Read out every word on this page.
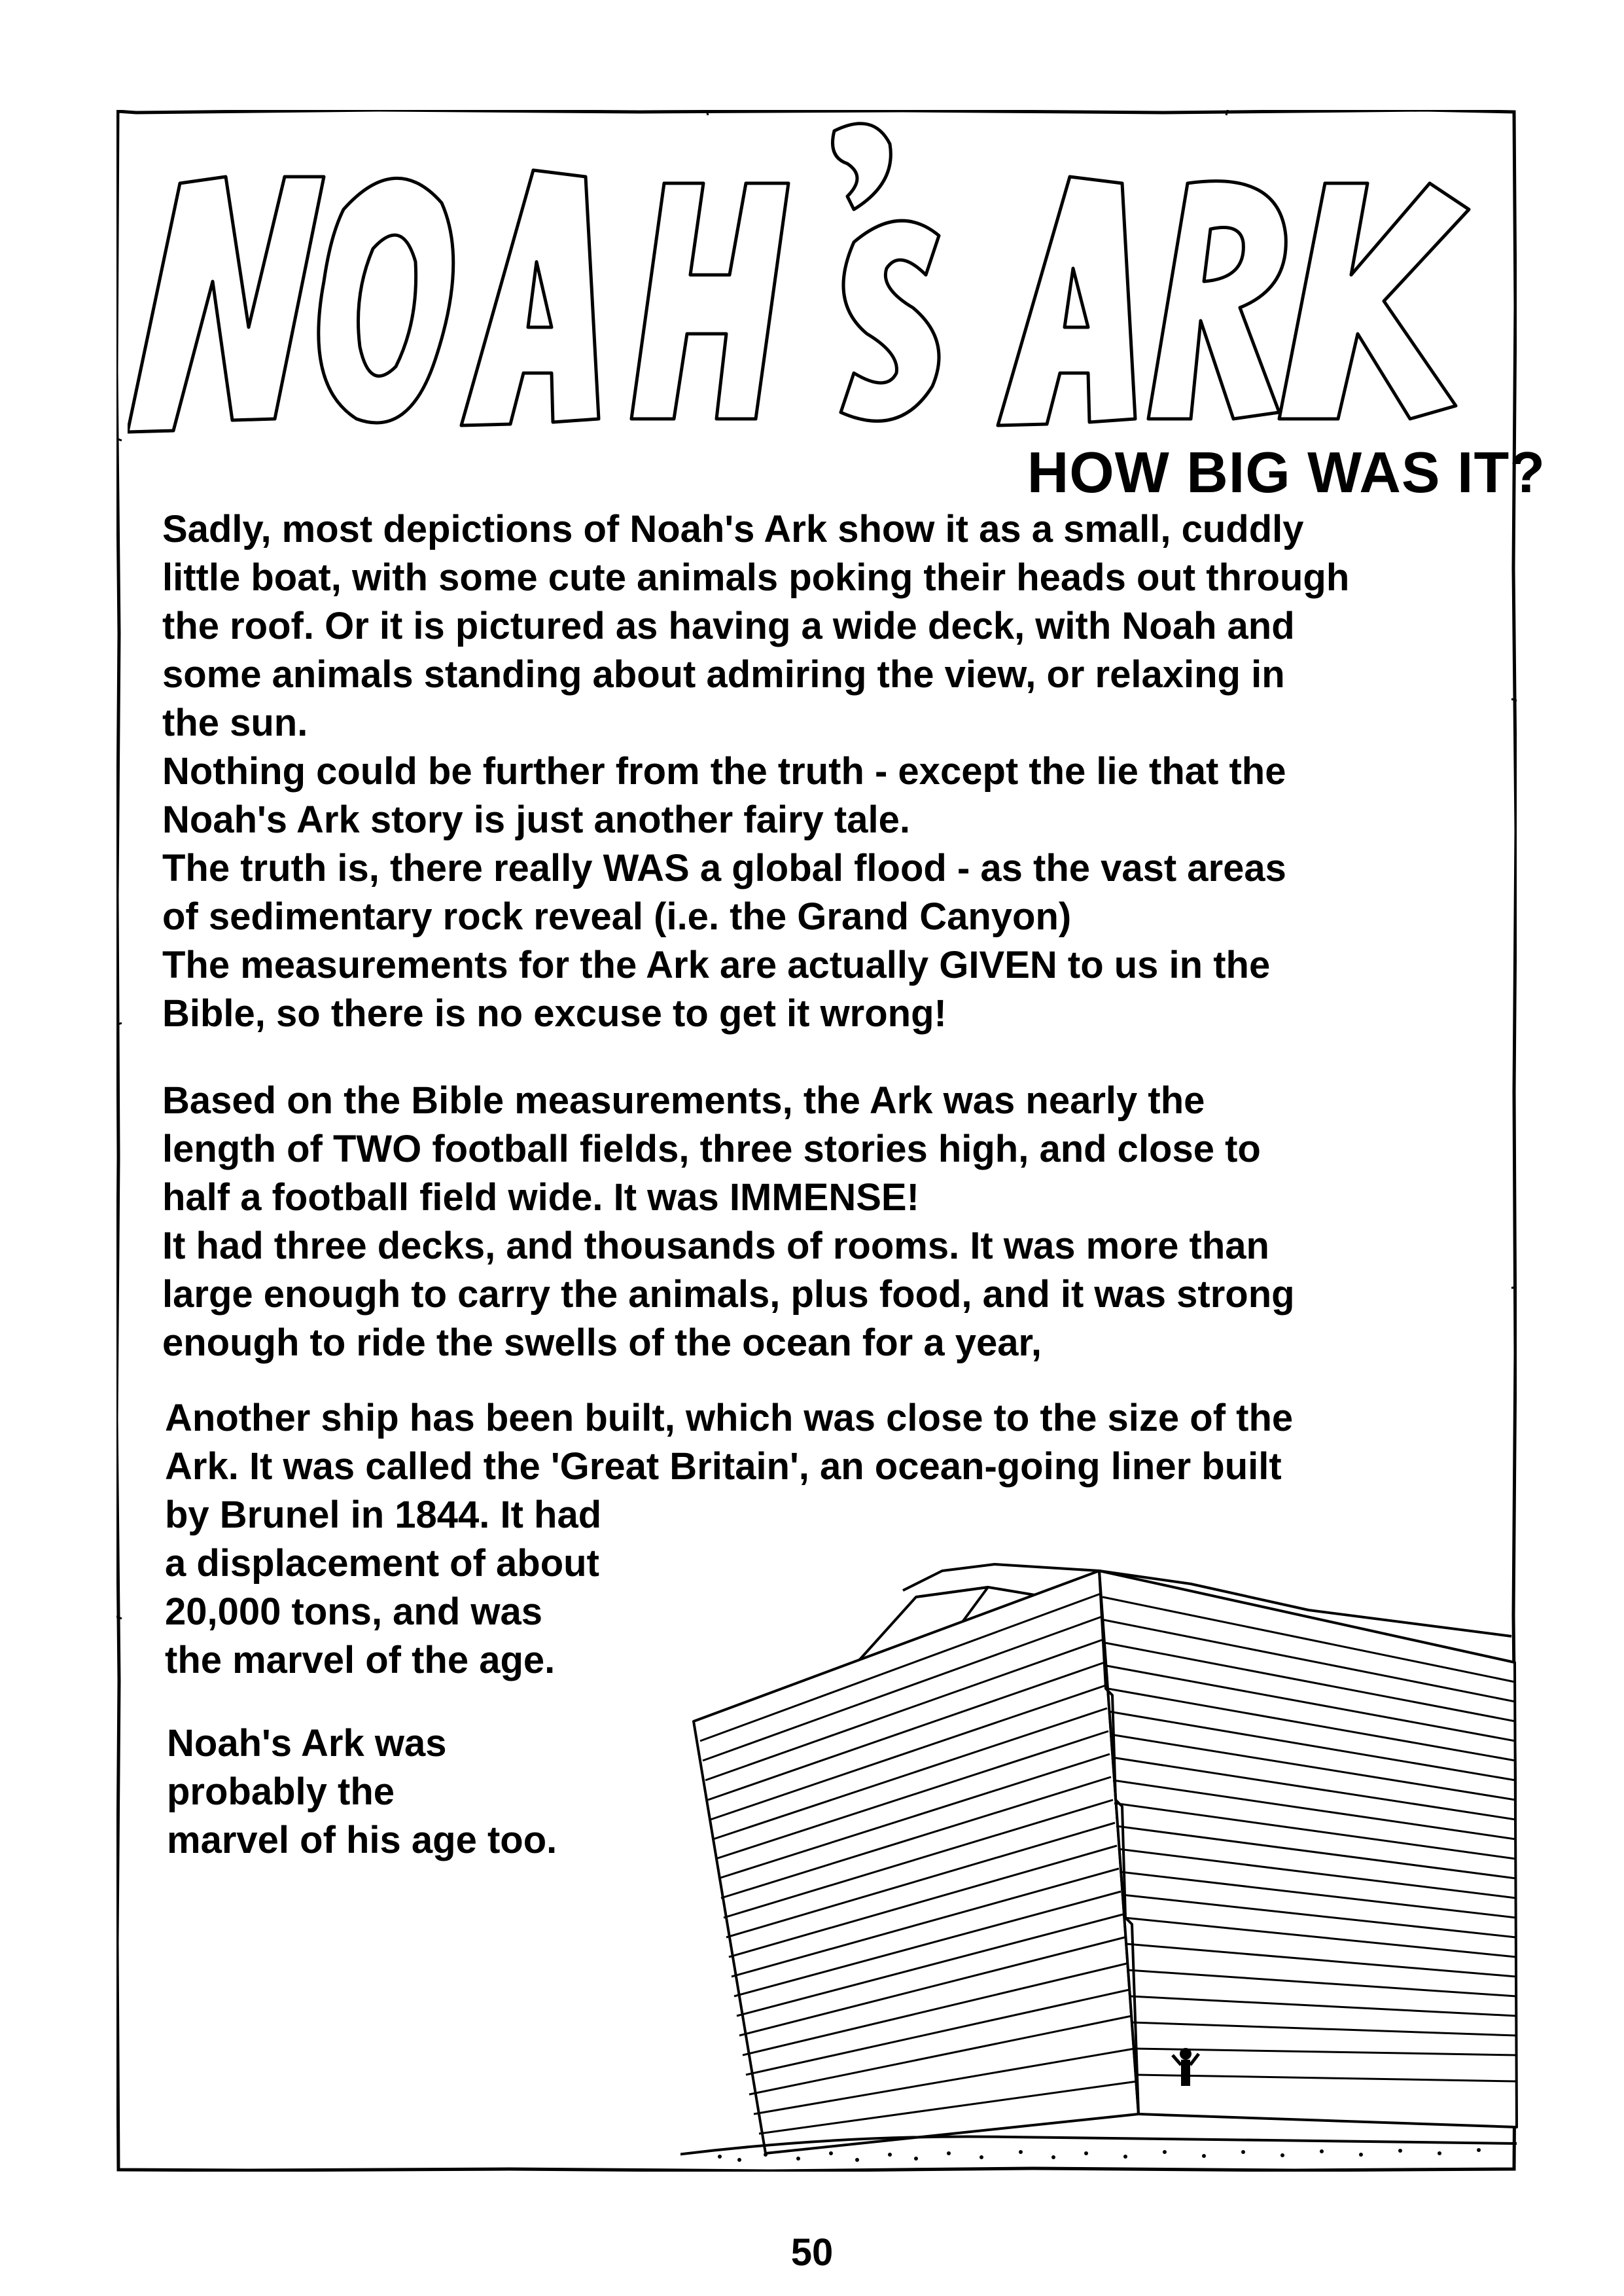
HOW BIG WAS IT?
Sadly, most depictions of Noah's Ark show it as a small, cuddly
little boat, with some cute animals poking their heads out through
the roof. Or it is pictured as having a wide deck, with Noah and
some animals standing about admiring the view, or relaxing in
the sun.
Nothing could be further from the truth - except the lie that the
Noah's Ark story is just another fairy tale.
The truth is, there really WAS a global flood - as the vast areas
of sedimentary rock reveal (i.e. the Grand Canyon)
The measurements for the Ark are actually GIVEN to us in the
Bible, so there is no excuse to get it wrong!
Based on the Bible measurements, the Ark was nearly the
length of TWO football fields, three stories high, and close to
half a football field wide. It was IMMENSE!
It had three decks, and thousands of rooms. It was more than
large enough to carry the animals, plus food, and it was strong
enough to ride the swells of the ocean for a year,
Another ship has been built, which was close to the size of the
Ark. It was called the 'Great Britain', an ocean-going liner built
by Brunel in 1844. It had
a displacement of about
20,000 tons, and was
the marvel of the age.
Noah's Ark was
probably the
marvel of his age too.
50
